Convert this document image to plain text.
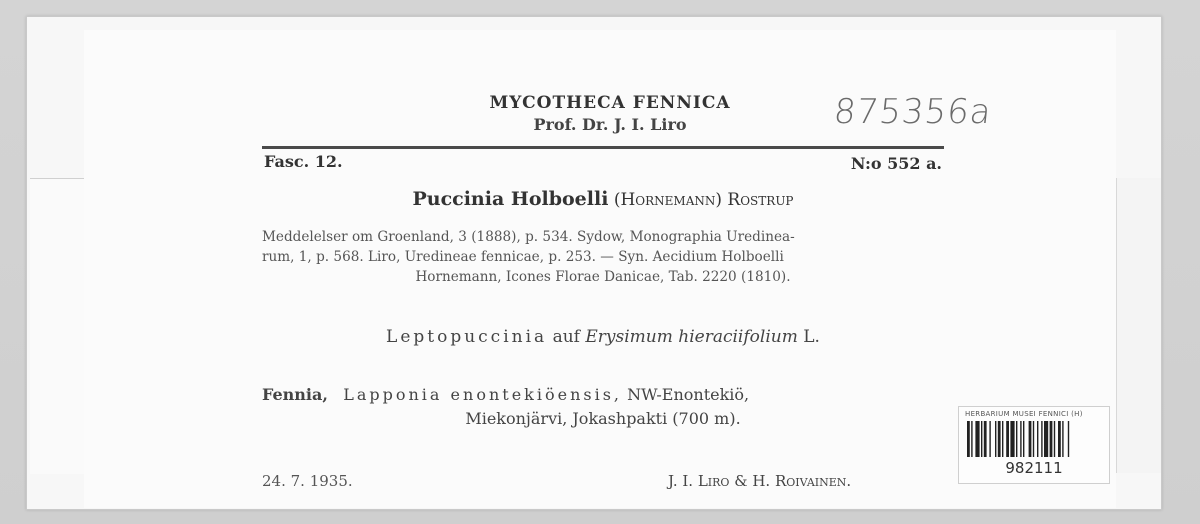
MYCOTHECA FENNICA
Prof. Dr. J. I. Liro	875356a
Fasc. 12.	N:o 552 a.
Puccinia Holboelli (Hornemann) Rostrup
Meddelelser om Groenland, 3 (1888), p. 534. Sydow, Monographia Uredinea-
rum, 1, p. 568. Liro, Uredineae fennicae, p. 253. — Syn. Aecidium Holboelli
Hornemann, Icones Florae Danicae, Tab. 2220 (1810).
Leptopuccinia auf Erysimum hieraciifolium L.
Fennia, Lapponia enontekiöensis, NW-Enontekiö,
Miekonjärvi, Jokashpakti (700 m).
24. 7. 1935.	J. I. Liro & H. Roivainen.
HERBARIUM MUSEI FENNICI (H)
982111
